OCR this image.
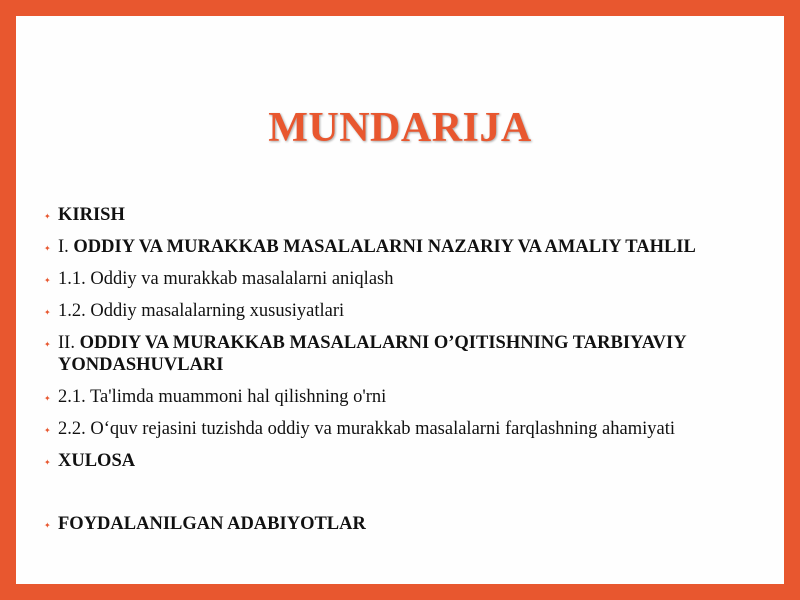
MUNDARIJA
✦ KIRISH
✦ I. ODDIY VA MURAKKAB MASALALARNI NAZARIY VA AMALIY TAHLIL
✦ 1.1. Oddiy va murakkab masalalarni aniqlash
✦ 1.2. Oddiy masalalarning xususiyatlari
✦ II. ODDIY VA MURAKKAB MASALALARNI O’QITISHNING TARBIYAVIY YONDASHUVLARI
✦ 2.1. Ta'limda muammoni hal qilishning o'rni
✦ 2.2. O‘quv rejasini tuzishda oddiy va murakkab masalalarni farqlashning ahamiyati
✦ XULOSA
✦ FOYDALANILGAN ADABIYOTLAR
